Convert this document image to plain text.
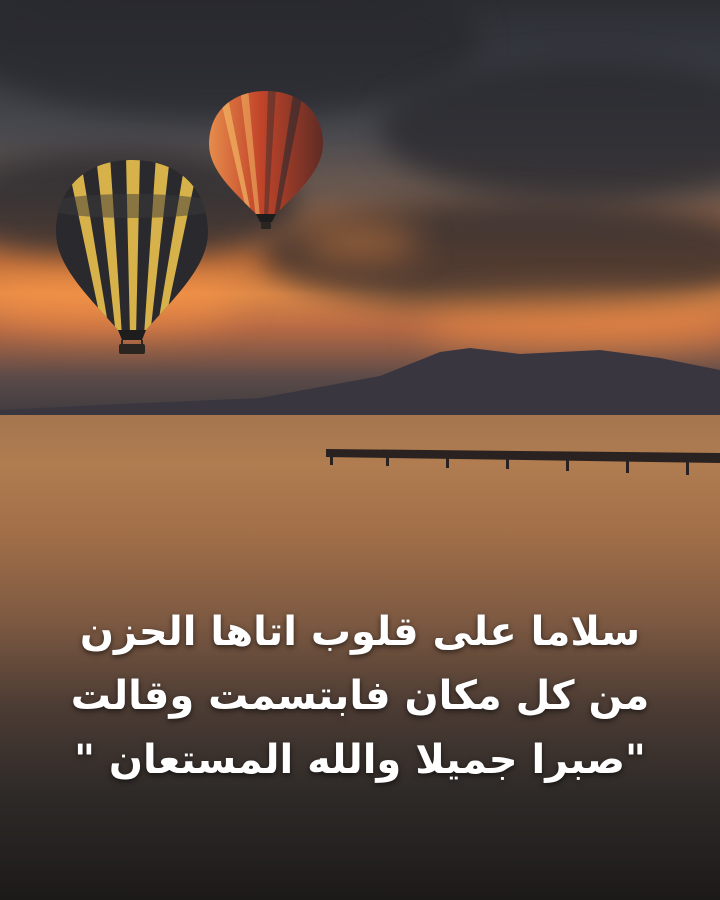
سلاما على قلوب اتاها الحزن
من كل مكان فابتسمت وقالت
"صبرا جميلا والله المستعان "
